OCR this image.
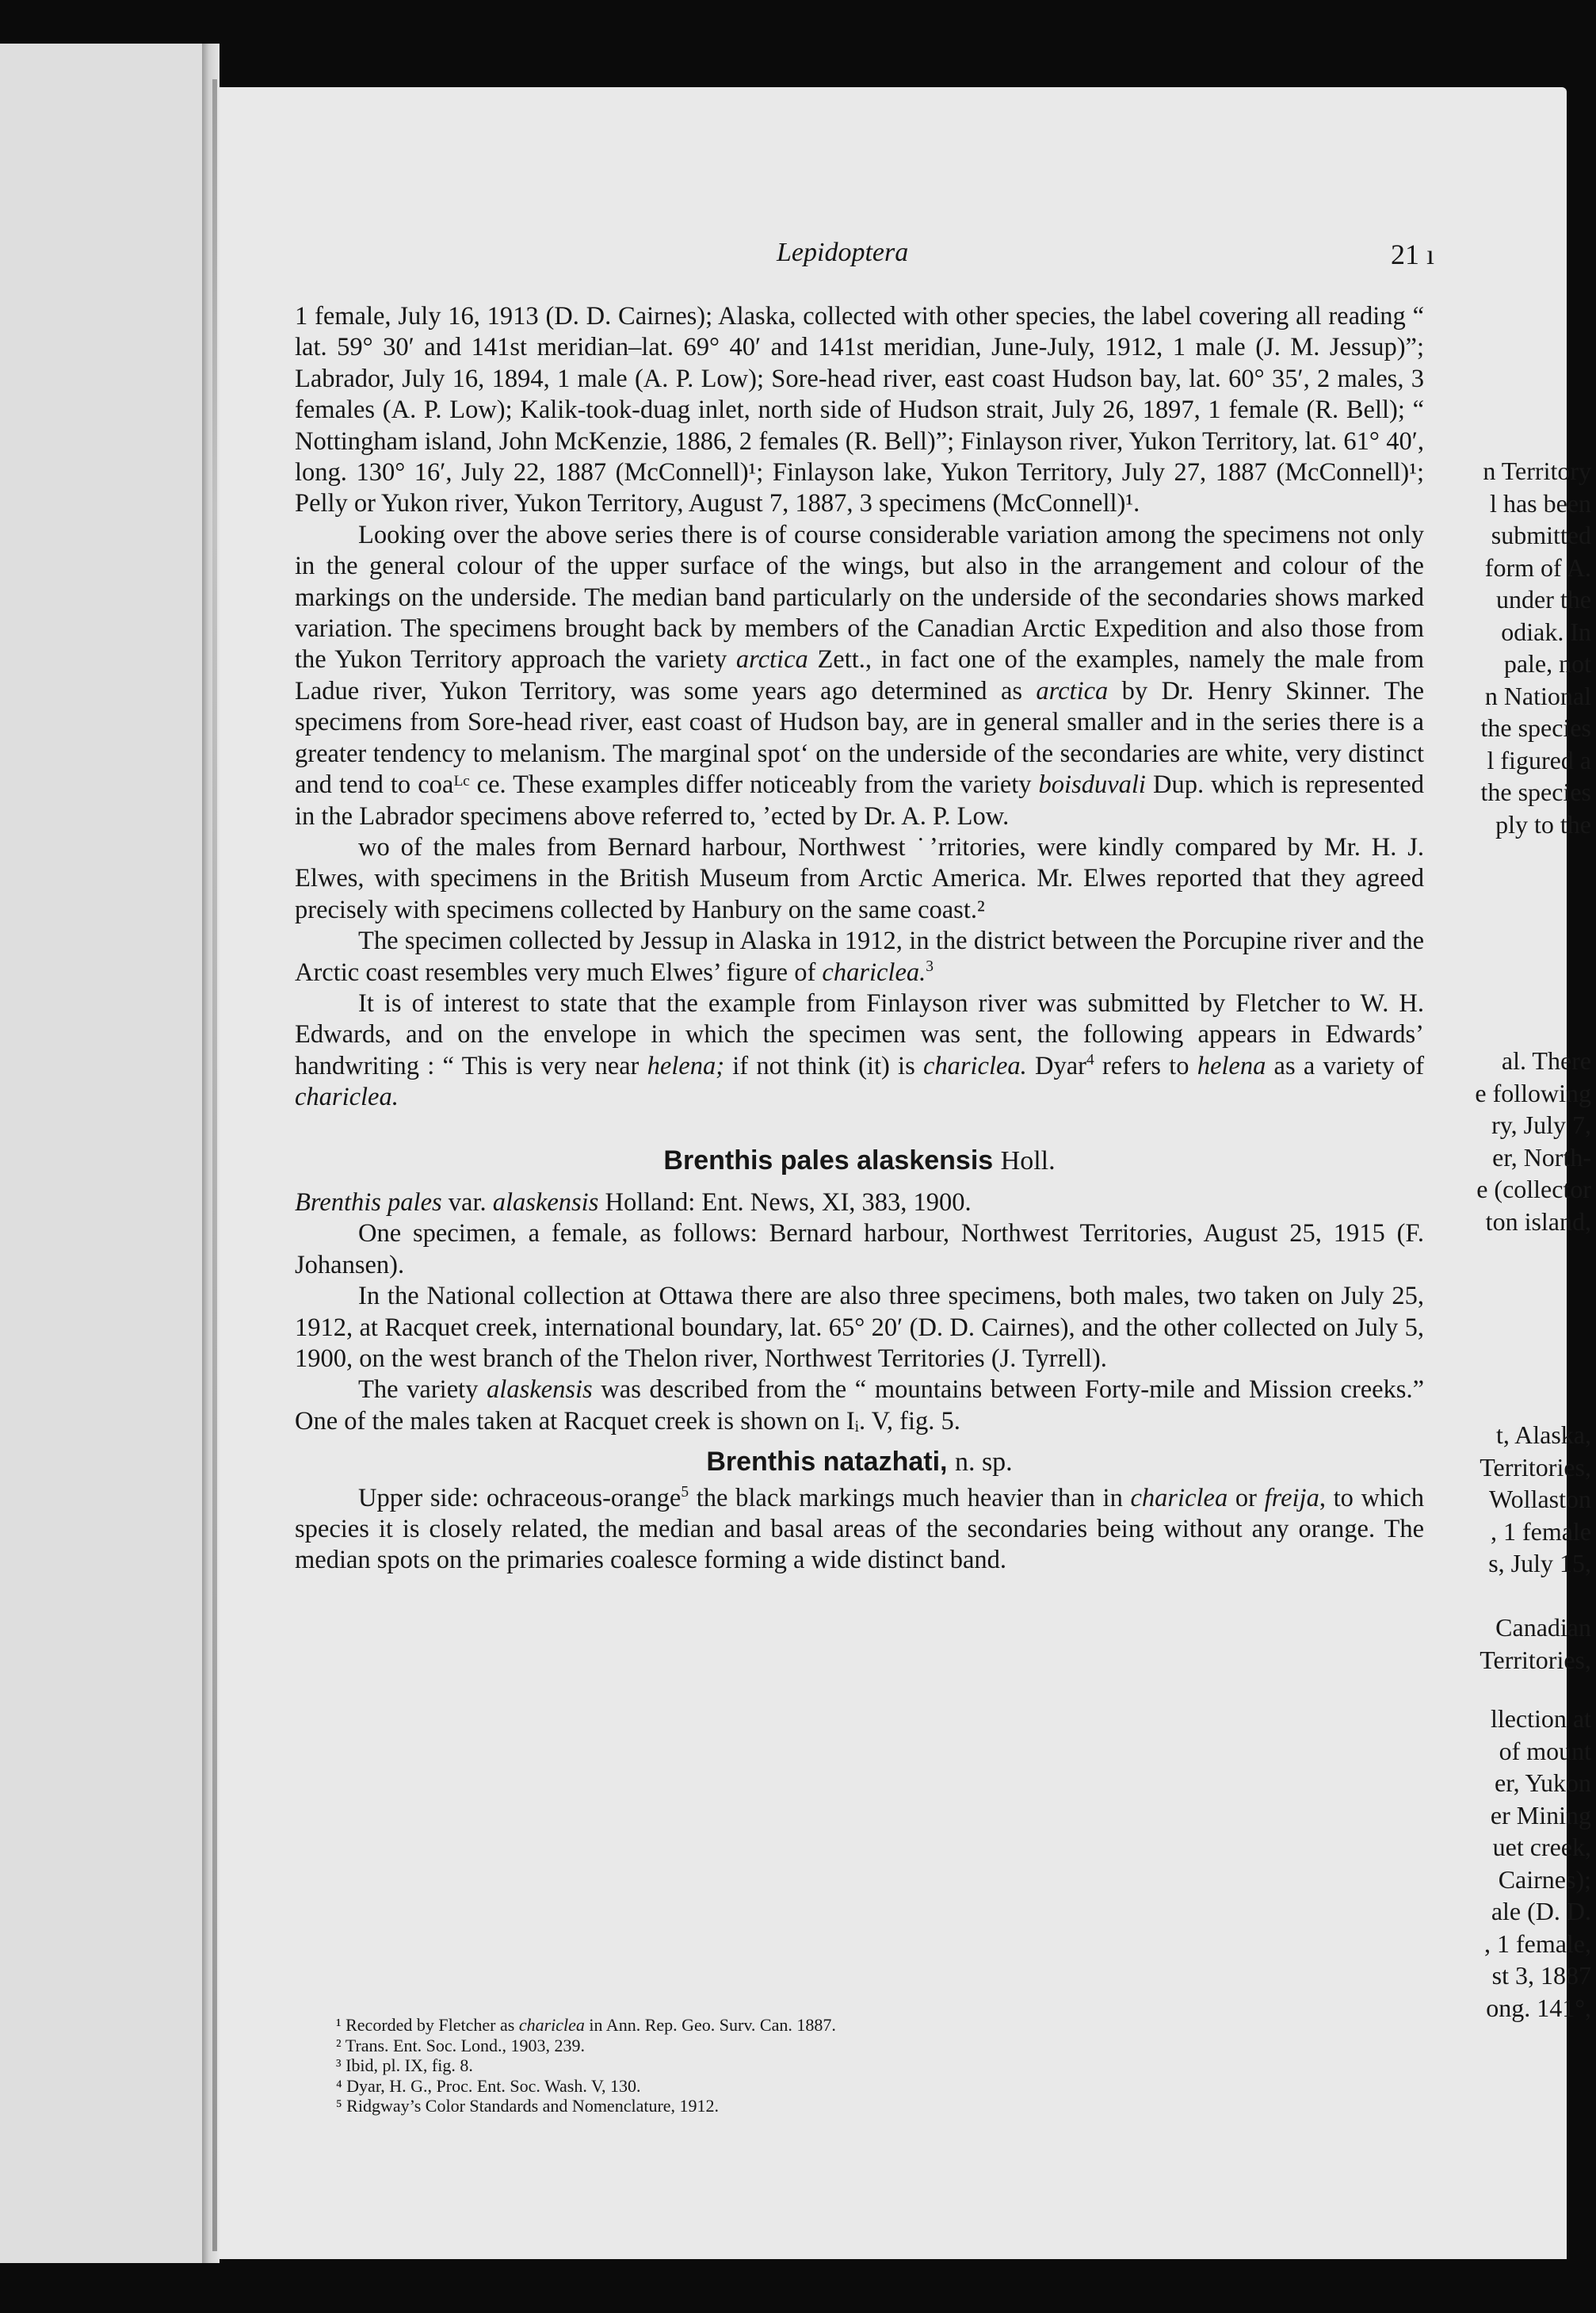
n Territory
l has been
submitted
form of A.
under the
odiak. In
pale, not
n National
the species
l figured a
the species
ply to the
al. There
e following
ry, July 7,
er, North-
e (collector
ton island,
t, Alaska,
Territories,
Wollaston
, 1 female
s, July 15,
Canadian
Territories,
llection at
of mount
er, Yukon
er Mining
uet creek,
Cairnes);
ale (D. D.
, 1 female,
st 3, 1887
ong. 141°,
Lepidoptera	21 ı

1 female, July 16, 1913 (D. D. Cairnes); Alaska, collected with other species, the label covering all reading “ lat. 59° 30′ and 141st meridian–lat. 69° 40′ and 141st meridian, June-July, 1912, 1 male (J. M. Jessup)”; Labrador, July 16, 1894, 1 male (A. P. Low); Sore-head river, east coast Hudson bay, lat. 60° 35′, 2 males, 3 females (A. P. Low); Kalik-took-duag inlet, north side of Hudson strait, July 26, 1897, 1 female (R. Bell); “ Nottingham island, John McKenzie, 1886, 2 females (R. Bell)”; Finlayson river, Yukon Territory, lat. 61° 40′, long. 130° 16′, July 22, 1887 (McConnell)¹; Finlayson lake, Yukon Territory, July 27, 1887 (McConnell)¹; Pelly or Yukon river, Yukon Territory, August 7, 1887, 3 specimens (McConnell)¹.

Looking over the above series there is of course considerable variation among the specimens not only in the general colour of the upper surface of the wings, but also in the arrangement and colour of the markings on the underside. The median band particularly on the underside of the secondaries shows marked variation. The specimens brought back by members of the Canadian Arctic Expedition and also those from the Yukon Territory approach the variety arctica Zett., in fact one of the examples, namely the male from Ladue river, Yukon Territory, was some years ago determined as arctica by Dr. Henry Skinner. The specimens from Sore-head river, east coast of Hudson bay, are in general smaller and in the series there is a greater tendency to melanism. The marginal spotʻ on the underside of the secondaries are white, very distinct and tend to coaᴸᶜ ce. These examples differ noticeably from the variety boisduvali Dup. which is represented in the Labrador specimens above referred to, ʼected by Dr. A. P. Low.

wo of the males from Bernard harbour, Northwest ˙ʼrritories, were kindly compared by Mr. H. J. Elwes, with specimens in the British Museum from Arctic America. Mr. Elwes reported that they agreed precisely with specimens collected by Hanbury on the same coast.²

The specimen collected by Jessup in Alaska in 1912, in the district between the Porcupine river and the Arctic coast resembles very much Elwes’ figure of chariclea.$^3$

It is of interest to state that the example from Finlayson river was submitted by Fletcher to W. H. Edwards, and on the envelope in which the specimen was sent, the following appears in Edwards’ handwriting : “ This is very near helena; if not think (it) is chariclea. Dyar$^4$ refers to helena as a variety of chariclea.

Brenthis pales alaskensis Holl.

Brenthis pales var. alaskensis Holland: Ent. News, XI, 383, 1900.

One specimen, a female, as follows: Bernard harbour, Northwest Territories, August 25, 1915 (F. Johansen).

In the National collection at Ottawa there are also three specimens, both males, two taken on July 25, 1912, at Racquet creek, international boundary, lat. 65° 20′ (D. D. Cairnes), and the other collected on July 5, 1900, on the west branch of the Thelon river, Northwest Territories (J. Tyrrell).

The variety alaskensis was described from the “ mountains between Forty-mile and Mission creeks.” One of the males taken at Racquet creek is shown on Iᵢ. V, fig. 5.

Brenthis natazhati, n. sp.

Upper side: ochraceous-orange$^5$ the black markings much heavier than in chariclea or freija, to which species it is closely related, the median and basal areas of the secondaries being without any orange. The median spots on the primaries coalesce forming a wide distinct band.

¹ Recorded by Fletcher as chariclea in Ann. Rep. Geo. Surv. Can. 1887.
² Trans. Ent. Soc. Lond., 1903, 239.
³ Ibid, pl. IX, fig. 8.
⁴ Dyar, H. G., Proc. Ent. Soc. Wash. V, 130.
⁵ Ridgway’s Color Standards and Nomenclature, 1912.
